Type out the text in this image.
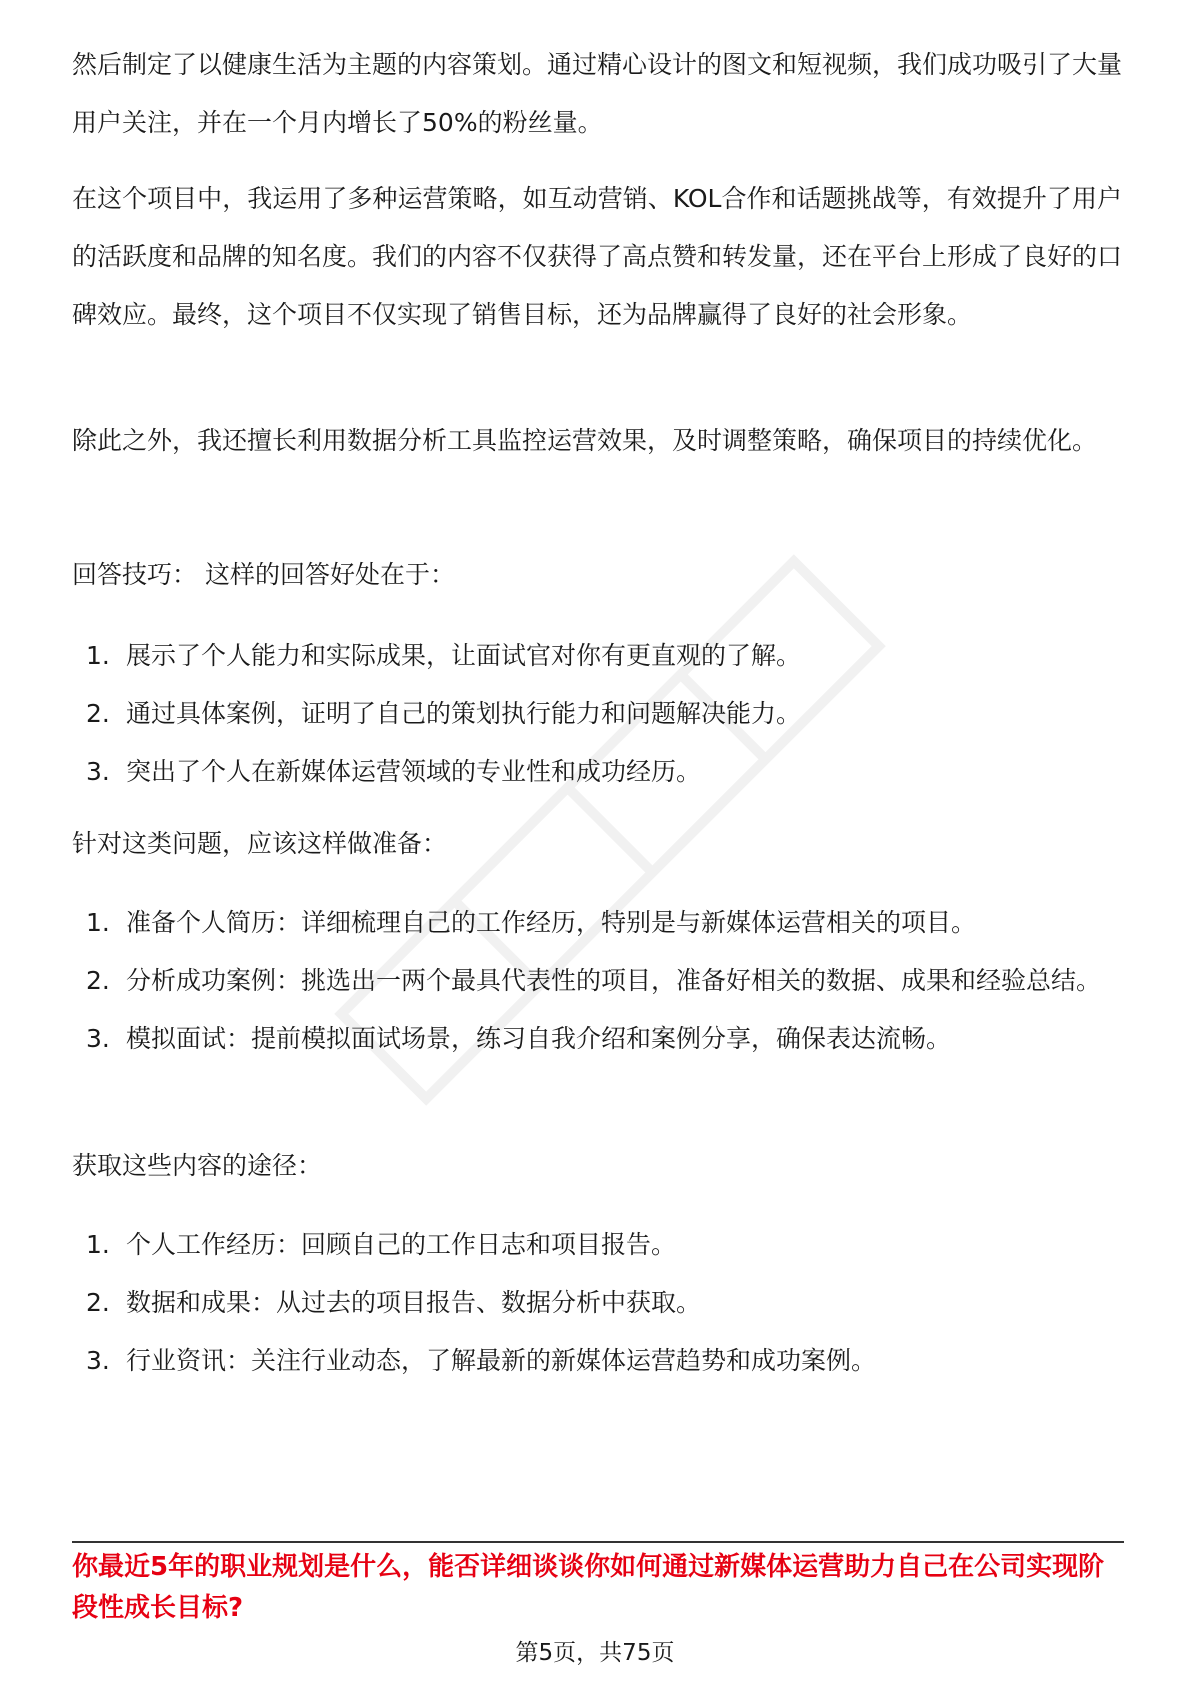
然后制定了以健康生活为主题的内容策划。通过精心设计的图文和短视频，我们成功吸引了大量用户关注，并在一个月内增长了50%的粉丝量。

在这个项目中，我运用了多种运营策略，如互动营销、KOL合作和话题挑战等，有效提升了用户的活跃度和品牌的知名度。我们的内容不仅获得了高点赞和转发量，还在平台上形成了良好的口碑效应。最终，这个项目不仅实现了销售目标，还为品牌赢得了良好的社会形象。

除此之外，我还擅长利用数据分析工具监控运营效果，及时调整策略，确保项目的持续优化。

回答技巧： 这样的回答好处在于：

1. 展示了个人能力和实际成果，让面试官对你有更直观的了解。
2. 通过具体案例，证明了自己的策划执行能力和问题解决能力。
3. 突出了个人在新媒体运营领域的专业性和成功经历。

针对这类问题，应该这样做准备：

1. 准备个人简历：详细梳理自己的工作经历，特别是与新媒体运营相关的项目。
2. 分析成功案例：挑选出一两个最具代表性的项目，准备好相关的数据、成果和经验总结。
3. 模拟面试：提前模拟面试场景，练习自我介绍和案例分享，确保表达流畅。

获取这些内容的途径：

1. 个人工作经历：回顾自己的工作日志和项目报告。
2. 数据和成果：从过去的项目报告、数据分析中获取。
3. 行业资讯：关注行业动态，了解最新的新媒体运营趋势和成功案例。

你最近5年的职业规划是什么，能否详细谈谈你如何通过新媒体运营助力自己在公司实现阶段性成长目标?

第5页，共75页
